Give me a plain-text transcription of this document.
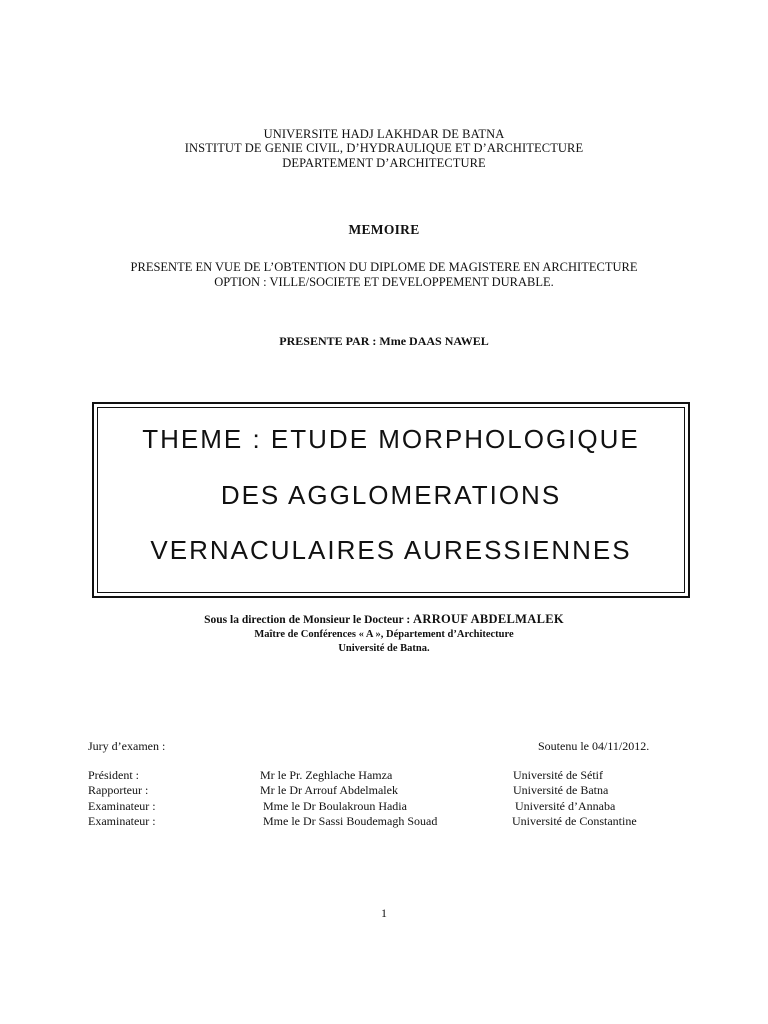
UNIVERSITE HADJ LAKHDAR DE BATNA
INSTITUT DE GENIE CIVIL, D’HYDRAULIQUE ET D’ARCHITECTURE
DEPARTEMENT D’ARCHITECTURE
MEMOIRE
PRESENTE EN VUE DE L’OBTENTION DU DIPLOME DE MAGISTERE EN ARCHITECTURE
OPTION : VILLE/SOCIETE ET DEVELOPPEMENT DURABLE.
PRESENTE PAR : Mme DAAS NAWEL
THEME : ETUDE MORPHOLOGIQUE
DES AGGLOMERATIONS
VERNACULAIRES AURESSIENNES
Sous la direction de Monsieur le Docteur : ARROUF ABDELMALEK
Maître de Conférences « A », Département d’Architecture
Université de Batna.
Jury d’examen :	Soutenu le 04/11/2012.
Président :	Mr le Pr. Zeghlache Hamza	Université de Sétif
Rapporteur :	Mr le Dr Arrouf Abdelmalek	Université de Batna
Examinateur :	Mme le Dr Boulakroun Hadia	Université d’Annaba
Examinateur :	Mme le Dr Sassi Boudemagh Souad	Université de Constantine
1
